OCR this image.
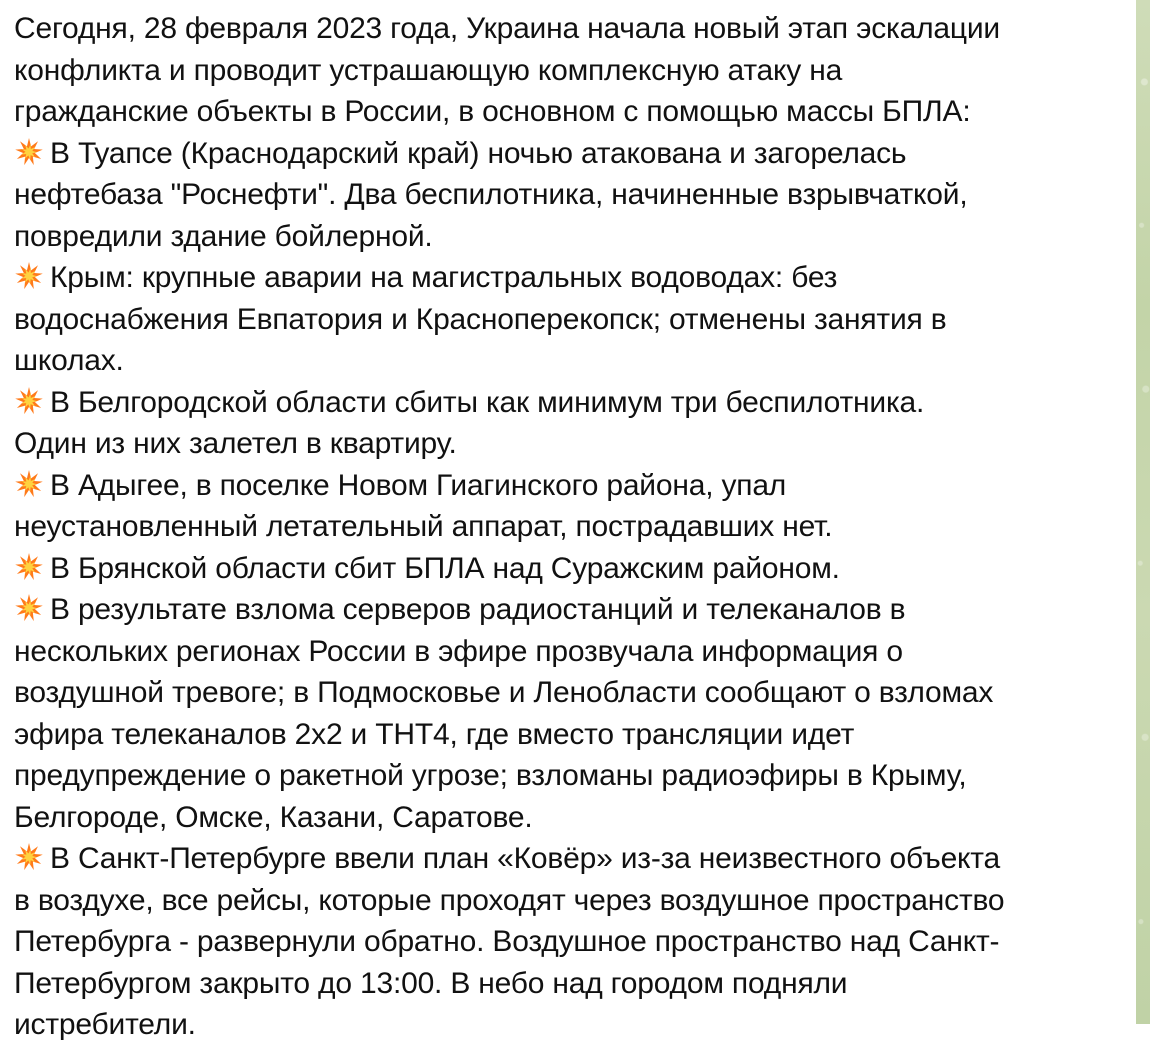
Сегодня, 28 февраля 2023 года, Украина начала новый этап эскалации
конфликта и проводит устрашающую комплексную атаку на
гражданские объекты в России, в основном с помощью массы БПЛА:
В Туапсе (Краснодарский край) ночью атакована и загорелась
нефтебаза "Роснефти". Два беспилотника, начиненные взрывчаткой,
повредили здание бойлерной.
Крым: крупные аварии на магистральных водоводах: без
водоснабжения Евпатория и Красноперекопск; отменены занятия в
школах.
В Белгородской области сбиты как минимум три беспилотника.
Один из них залетел в квартиру.
В Адыгее, в поселке Новом Гиагинского района, упал
неустановленный летательный аппарат, пострадавших нет.
В Брянской области сбит БПЛА над Суражским районом.
В результате взлома серверов радиостанций и телеканалов в
нескольких регионах России в эфире прозвучала информация о
воздушной тревоге; в Подмосковье и Ленобласти сообщают о взломах
эфира телеканалов 2х2 и ТНТ4, где вместо трансляции идет
предупреждение о ракетной угрозе; взломаны радиоэфиры в Крыму,
Белгороде, Омске, Казани, Саратове.
В Санкт-Петербурге ввели план «Ковёр» из-за неизвестного объекта
в воздухе, все рейсы, которые проходят через воздушное пространство
Петербурга - развернули обратно. Воздушное пространство над Санкт-
Петербургом закрыто до 13:00. В небо над городом подняли
истребители.
